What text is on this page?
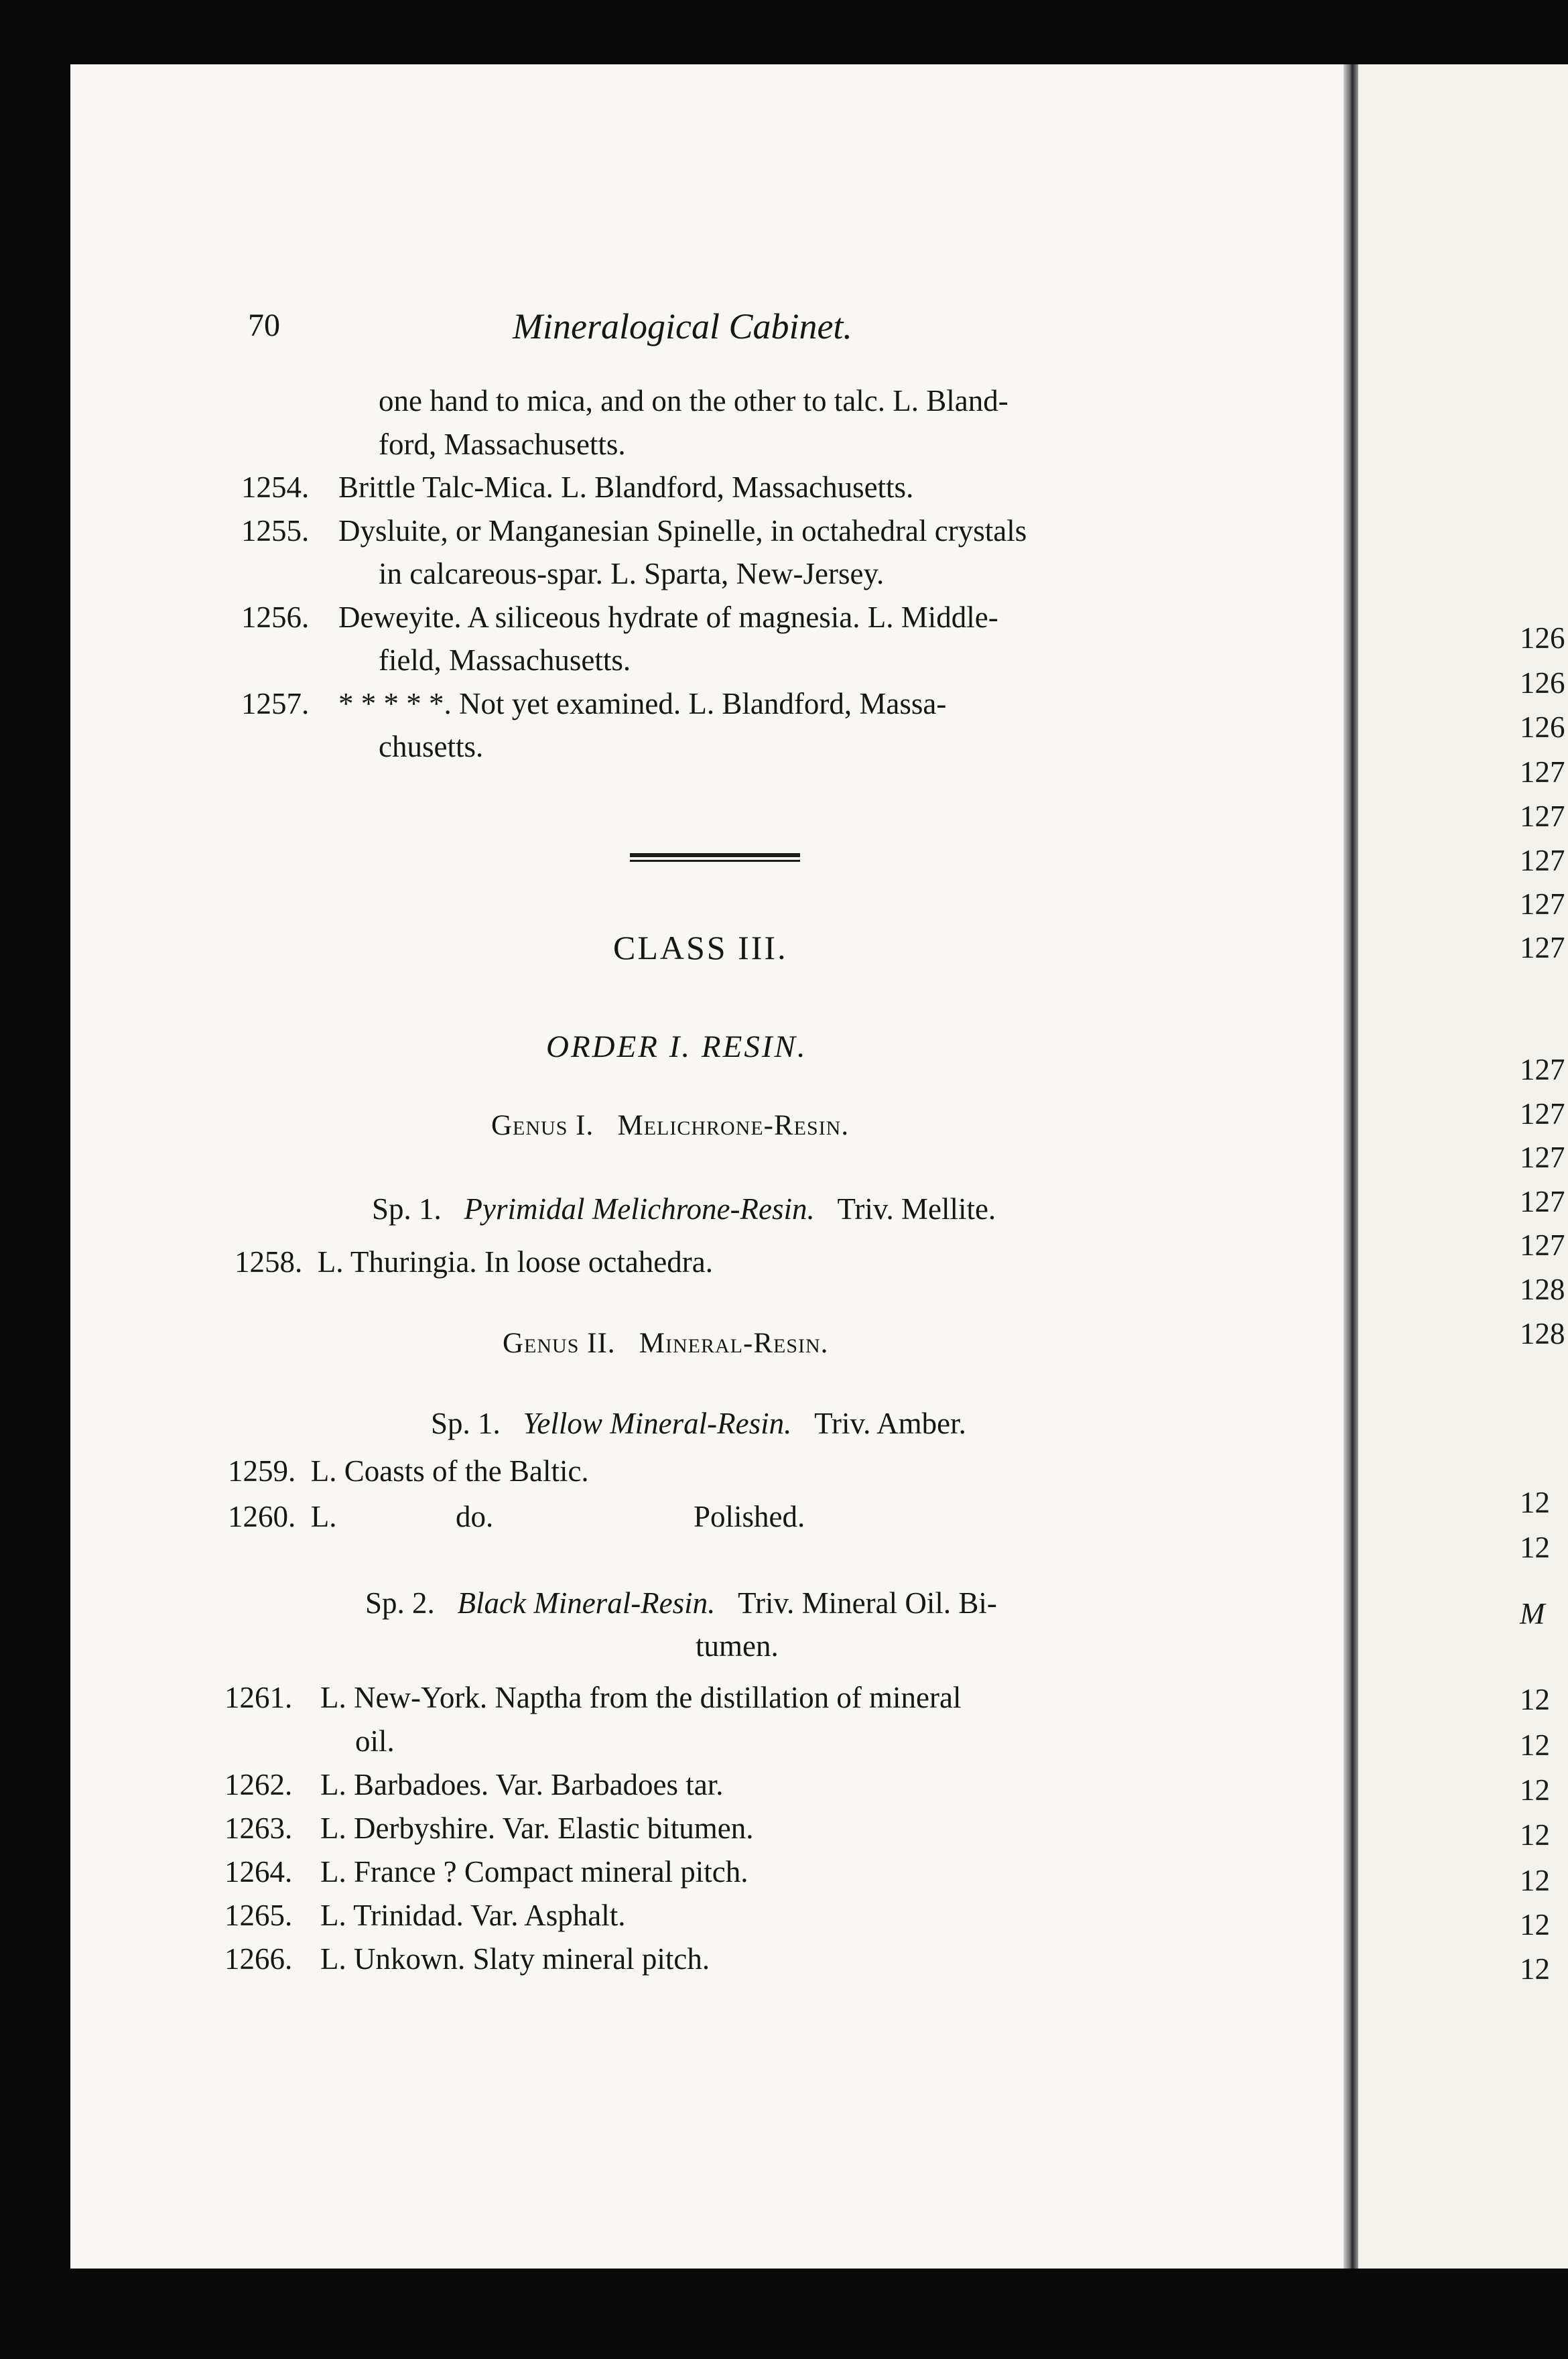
70	Mineralogical Cabinet.
one hand to mica, and on the other to talc. L. Bland-
ford, Massachusetts.
1254. Brittle Talc-Mica. L. Blandford, Massachusetts.
1255. Dysluite, or Manganesian Spinelle, in octahedral crystals
in calcareous-spar. L. Sparta, New-Jersey.
1256. Deweyite. A siliceous hydrate of magnesia. L. Middle-
field, Massachusetts.
1257. * * * * *. Not yet examined. L. Blandford, Massa-
chusetts.
CLASS III.
ORDER I. RESIN.
Genus I. Melichrone-Resin.
Sp. 1. Pyrimidal Melichrone-Resin. Triv. Mellite.
1258. L. Thuringia. In loose octahedra.
Genus II. Mineral-Resin.
Sp. 1. Yellow Mineral-Resin. Triv. Amber.
1259. L. Coasts of the Baltic.
1260. L.	do.	Polished.
Sp. 2. Black Mineral-Resin. Triv. Mineral Oil. Bi-
tumen.
1261. L. New-York. Naptha from the distillation of mineral
oil.
1262. L. Barbadoes. Var. Barbadoes tar.
1263. L. Derbyshire. Var. Elastic bitumen.
1264. L. France ? Compact mineral pitch.
1265. L. Trinidad. Var. Asphalt.
1266. L. Unkown. Slaty mineral pitch.
126
126
126
127
127
127
127
127
127
127
127
127
127
128
128
12
12
M
12
12
12
12
12
12
12
